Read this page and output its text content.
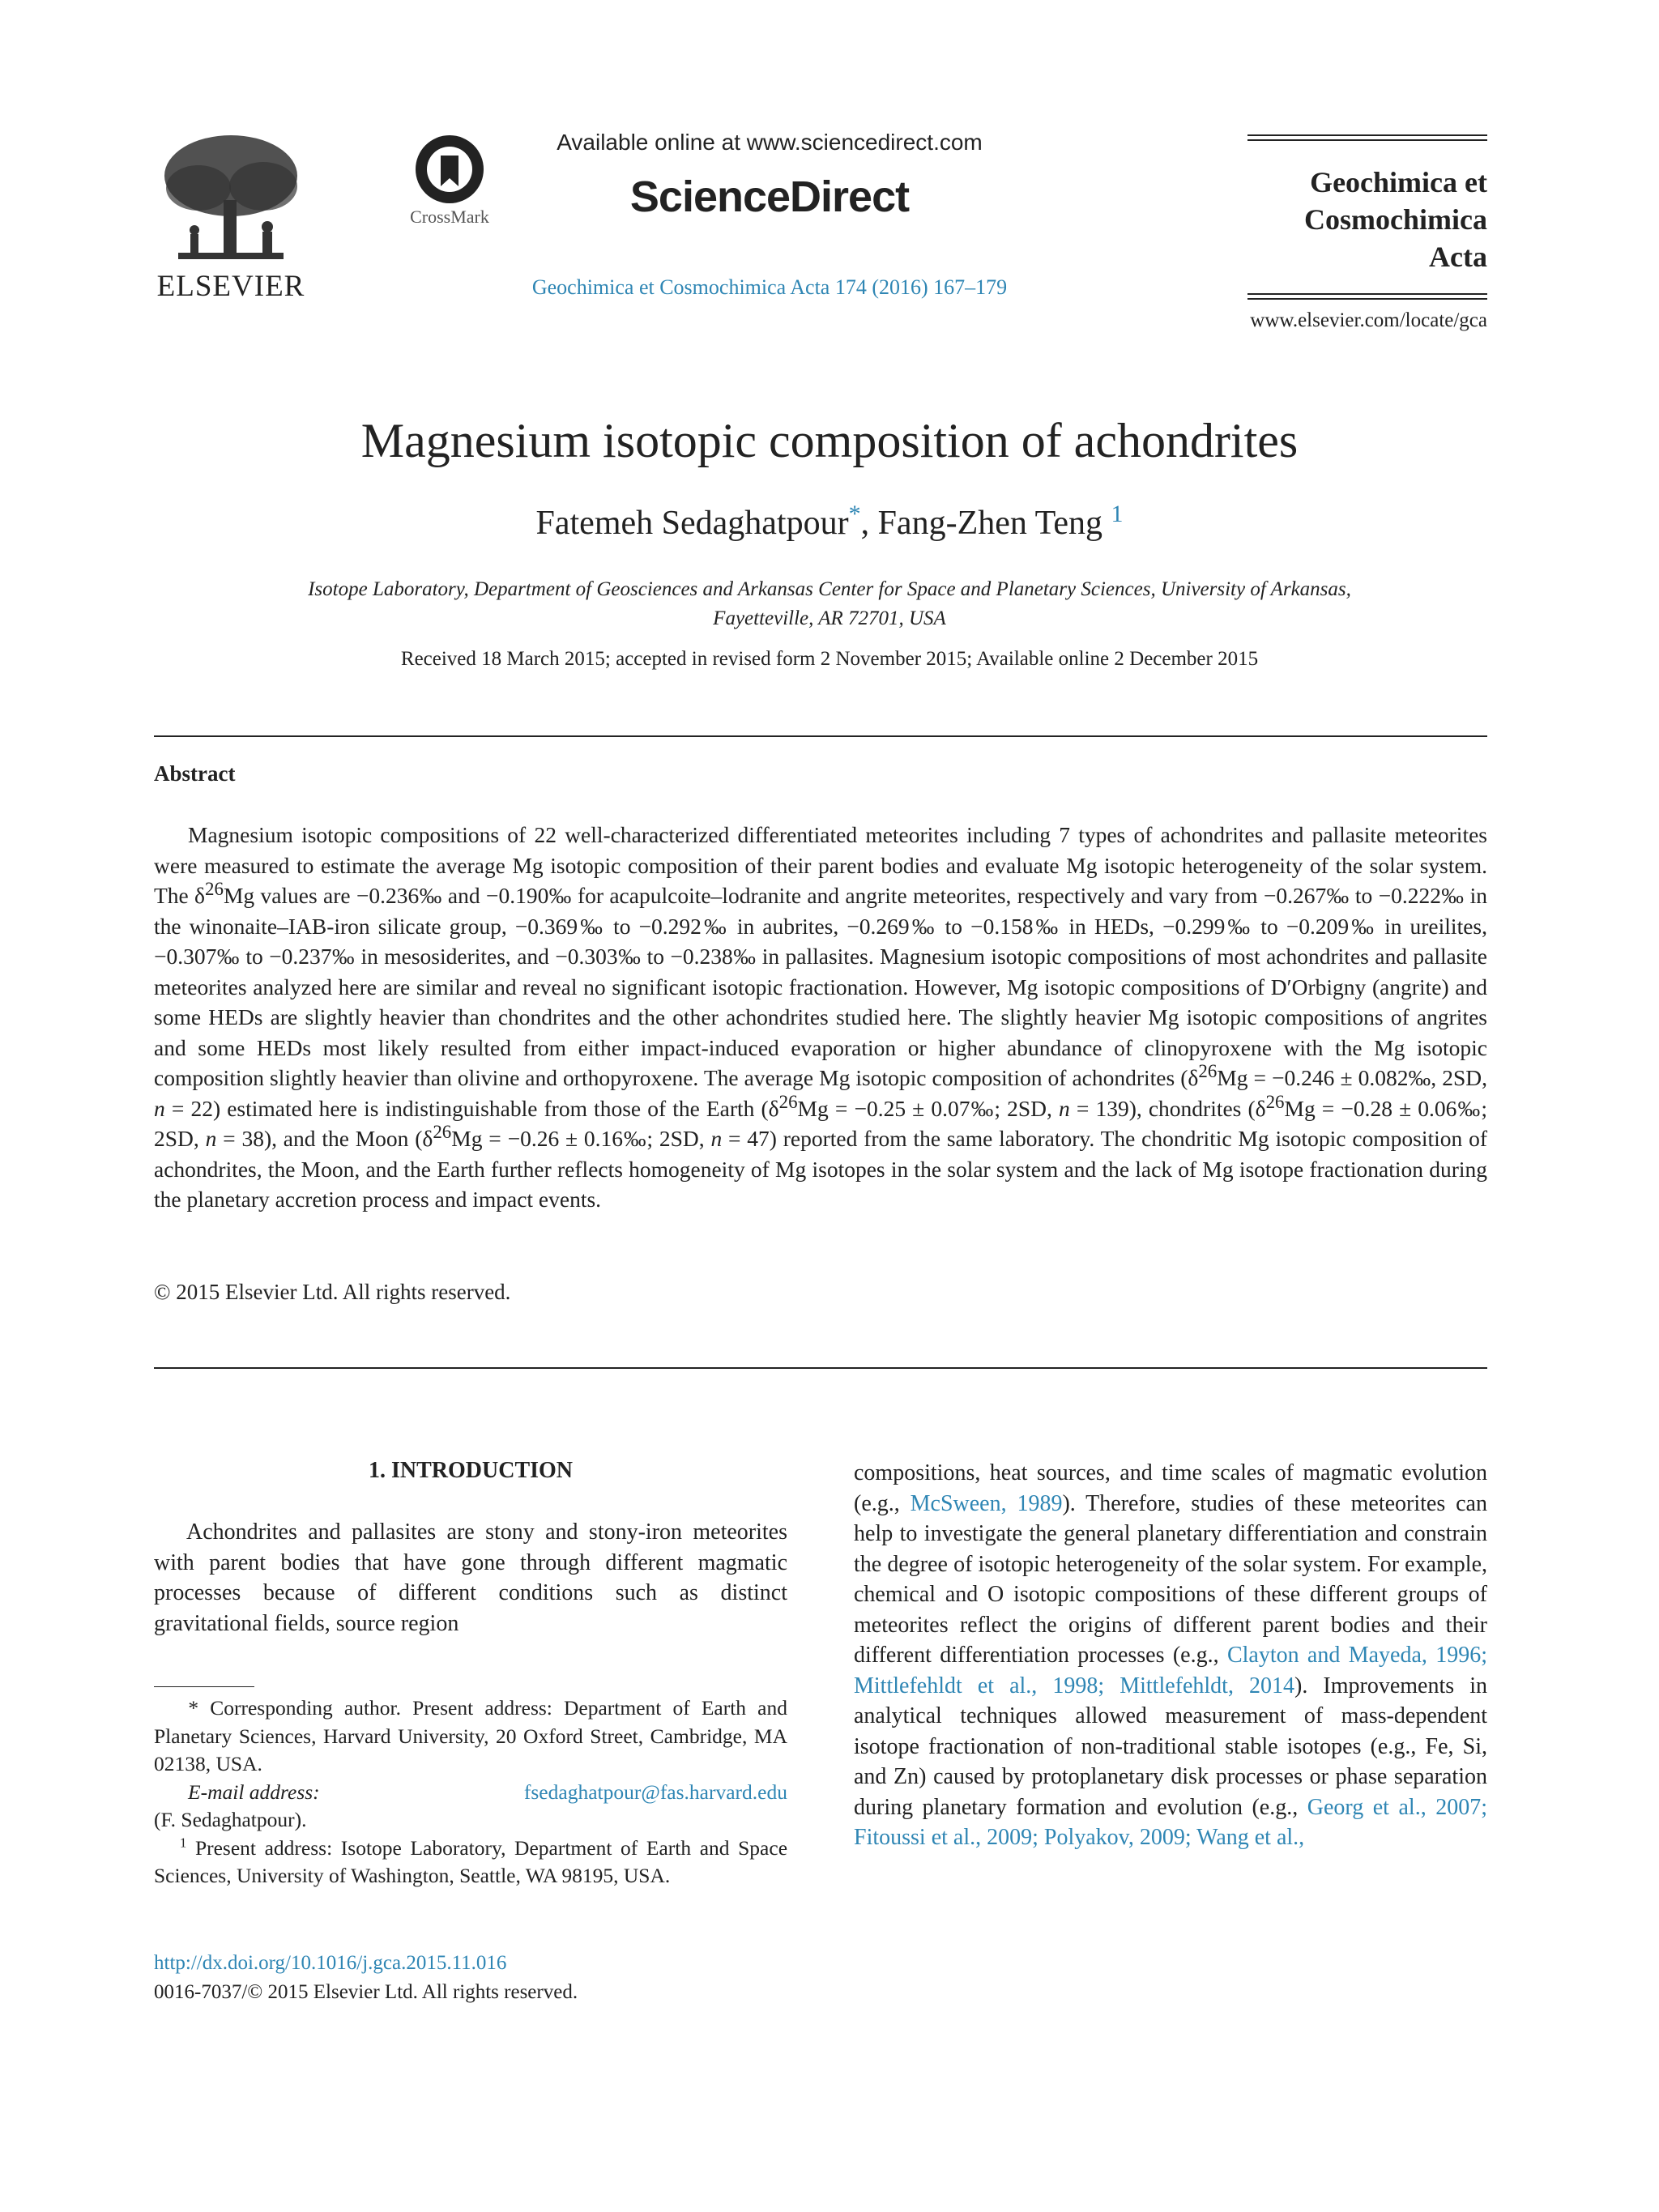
ELSEVIER
CrossMark
Available online at www.sciencedirect.com
ScienceDirect
Geochimica et Cosmochimica Acta 174 (2016) 167–179
Geochimica et
Cosmochimica
Acta
www.elsevier.com/locate/gca
Magnesium isotopic composition of achondrites
Fatemeh Sedaghatpour*, Fang-Zhen Teng $^1$
Isotope Laboratory, Department of Geosciences and Arkansas Center for Space and Planetary Sciences, University of Arkansas,
Fayetteville, AR 72701, USA
Received 18 March 2015; accepted in revised form 2 November 2015; Available online 2 December 2015
Abstract

Magnesium isotopic compositions of 22 well-characterized differentiated meteorites including 7 types of achondrites and pallasite meteorites were measured to estimate the average Mg isotopic composition of their parent bodies and evaluate Mg isotopic heterogeneity of the solar system. The $\delta^{26}Mg$ values are −0.236‰ and −0.190‰ for acapulcoite–lodranite and angrite meteorites, respectively and vary from −0.267‰ to −0.222‰ in the winonaite–IAB-iron silicate group, −0.369‰ to −0.292‰ in aubrites, −0.269‰ to −0.158‰ in HEDs, −0.299‰ to −0.209‰ in ureilites, −0.307‰ to −0.237‰ in mesosiderites, and −0.303‰ to −0.238‰ in pallasites. Magnesium isotopic compositions of most achondrites and pallasite meteorites analyzed here are similar and reveal no significant isotopic fractionation. However, Mg isotopic compositions of D′Orbigny (angrite) and some HEDs are slightly heavier than chondrites and the other achondrites studied here. The slightly heavier Mg isotopic compositions of angrites and some HEDs most likely resulted from either impact-induced evaporation or higher abundance of clinopyroxene with the Mg isotopic composition slightly heavier than olivine and orthopyroxene. The average Mg isotopic composition of achondrites ($\delta^{26}Mg = -0.246$ ± 0.082‰, 2SD, n = 22) estimated here is indistinguishable from those of the Earth ($\delta^{26}Mg = -0.25$ ± 0.07‰; 2SD, n = 139), chondrites ($\delta^{26}Mg = -0.28$ ± 0.06‰; 2SD, n = 38), and the Moon ($\delta^{26}Mg = -0.26$ ± 0.16‰; 2SD, n = 47) reported from the same laboratory. The chondritic Mg isotopic composition of achondrites, the Moon, and the Earth further reflects homogeneity of Mg isotopes in the solar system and the lack of Mg isotope fractionation during the planetary accretion process and impact events.

© 2015 Elsevier Ltd. All rights reserved.
1. INTRODUCTION
Achondrites and pallasites are stony and stony-iron meteorites with parent bodies that have gone through different magmatic processes because of different conditions such as distinct gravitational fields, source region
compositions, heat sources, and time scales of magmatic evolution (e.g., McSween, 1989). Therefore, studies of these meteorites can help to investigate the general planetary differentiation and constrain the degree of isotopic heterogeneity of the solar system. For example, chemical and O isotopic compositions of these different groups of meteorites reflect the origins of different parent bodies and their different differentiation processes (e.g., Clayton and Mayeda, 1996; Mittlefehldt et al., 1998; Mittlefehldt, 2014). Improvements in analytical techniques allowed measurement of mass-dependent isotope fractionation of non-traditional stable isotopes (e.g., Fe, Si, and Zn) caused by protoplanetary disk processes or phase separation during planetary formation and evolution (e.g., Georg et al., 2007; Fitoussi et al., 2009; Polyakov, 2009; Wang et al.,

* Corresponding author. Present address: Department of Earth and Planetary Sciences, Harvard University, 20 Oxford Street, Cambridge, MA 02138, USA.

E-mail address:	fsedaghatpour@fas.harvard.edu

(F. Sedaghatpour).

$^1$ Present address: Isotope Laboratory, Department of Earth and Space Sciences, University of Washington, Seattle, WA 98195, USA.

http://dx.doi.org/10.1016/j.gca.2015.11.016
0016-7037/© 2015 Elsevier Ltd. All rights reserved.
